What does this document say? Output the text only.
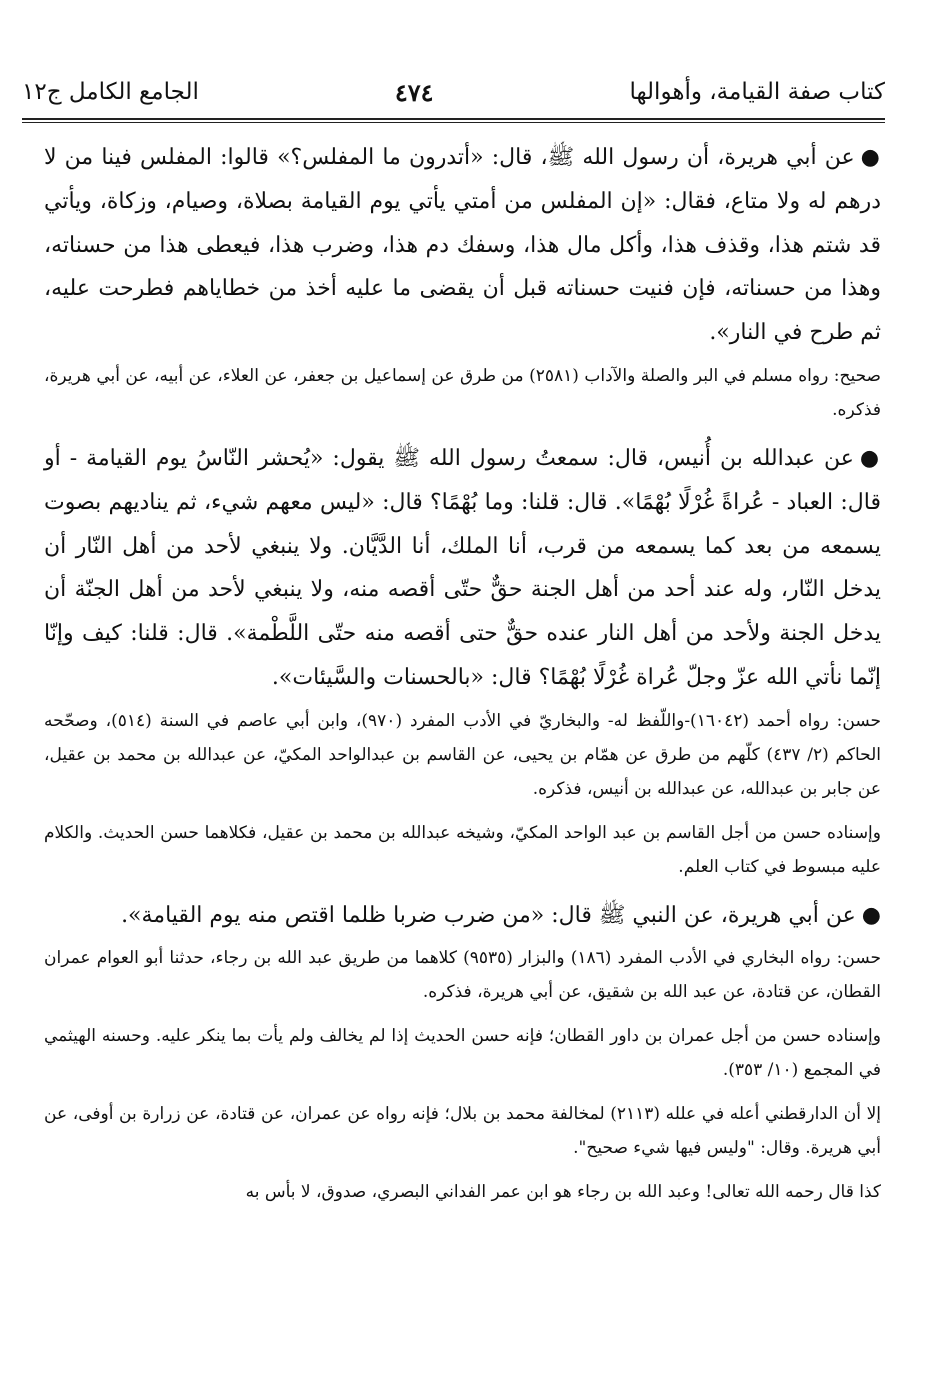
كتاب صفة القيامة، وأهوالها
٤٧٤
الجامع الكامل ج١٢

●عن أبي هريرة، أن رسول الله ﷺ، قال: «أتدرون ما المفلس؟» قالوا: المفلس فينا من لا درهم له ولا متاع، فقال: «إن المفلس من أمتي يأتي يوم القيامة بصلاة، وصيام، وزكاة، ويأتي قد شتم هذا، وقذف هذا، وأكل مال هذا، وسفك دم هذا، وضرب هذا، فيعطى هذا من حسناته، وهذا من حسناته، فإن فنيت حسناته قبل أن يقضى ما عليه أخذ من خطاياهم فطرحت عليه، ثم طرح في النار».

صحيح: رواه مسلم في البر والصلة والآداب (٢٥٨١) من طرق عن إسماعيل بن جعفر، عن العلاء، عن أبيه، عن أبي هريرة، فذكره.

●عن عبدالله بن أُنيس، قال: سمعتُ رسول الله ﷺ يقول: «يُحشر النّاسُ يوم القيامة - أو قال: العباد - عُراةً غُرْلًا بُهْمًا». قال: قلنا: وما بُهْمًا؟ قال: «ليس معهم شيء، ثم يناديهم بصوت يسمعه من بعد كما يسمعه من قرب، أنا الملك، أنا الدَّيَّان. ولا ينبغي لأحد من أهل النّار أن يدخل النّار، وله عند أحد من أهل الجنة حقٌّ حتّى أقصه منه، ولا ينبغي لأحد من أهل الجنّة أن يدخل الجنة ولأحد من أهل النار عنده حقٌّ حتى أقصه منه حتّى اللَّطْمة». قال: قلنا: كيف وإنّا إنّما نأتي الله عزّ وجلّ عُراة غُرْلًا بُهْمًا؟ قال: «بالحسنات والسَّيئات».

حسن: رواه أحمد (١٦٠٤٢)-واللّفظ له- والبخاريّ في الأدب المفرد (٩٧٠)، وابن أبي عاصم في السنة (٥١٤)، وصحّحه الحاكم (٢/ ٤٣٧) كلّهم من طرق عن همّام بن يحيى، عن القاسم بن عبدالواحد المكيّ، عن عبدالله بن محمد بن عقيل، عن جابر بن عبدالله، عن عبدالله بن أنيس، فذكره.

وإسناده حسن من أجل القاسم بن عبد الواحد المكيّ، وشيخه عبدالله بن محمد بن عقيل، فكلاهما حسن الحديث. والكلام عليه مبسوط في كتاب العلم.

●عن أبي هريرة، عن النبي ﷺ قال: «من ضرب ضربا ظلما اقتص منه يوم القيامة».

حسن: رواه البخاري في الأدب المفرد (١٨٦) والبزار (٩٥٣٥) كلاهما من طريق عبد الله بن رجاء، حدثنا أبو العوام عمران القطان، عن قتادة، عن عبد الله بن شقيق، عن أبي هريرة، فذكره.

وإسناده حسن من أجل عمران بن داور القطان؛ فإنه حسن الحديث إذا لم يخالف ولم يأت بما ينكر عليه. وحسنه الهيثمي في المجمع (١٠/ ٣٥٣).

إلا أن الدارقطني أعله في علله (٢١١٣) لمخالفة محمد بن بلال؛ فإنه رواه عن عمران، عن قتادة، عن زرارة بن أوفى، عن أبي هريرة. وقال: "وليس فيها شيء صحيح".

كذا قال رحمه الله تعالى! وعبد الله بن رجاء هو ابن عمر الفداني البصري، صدوق، لا بأس به
